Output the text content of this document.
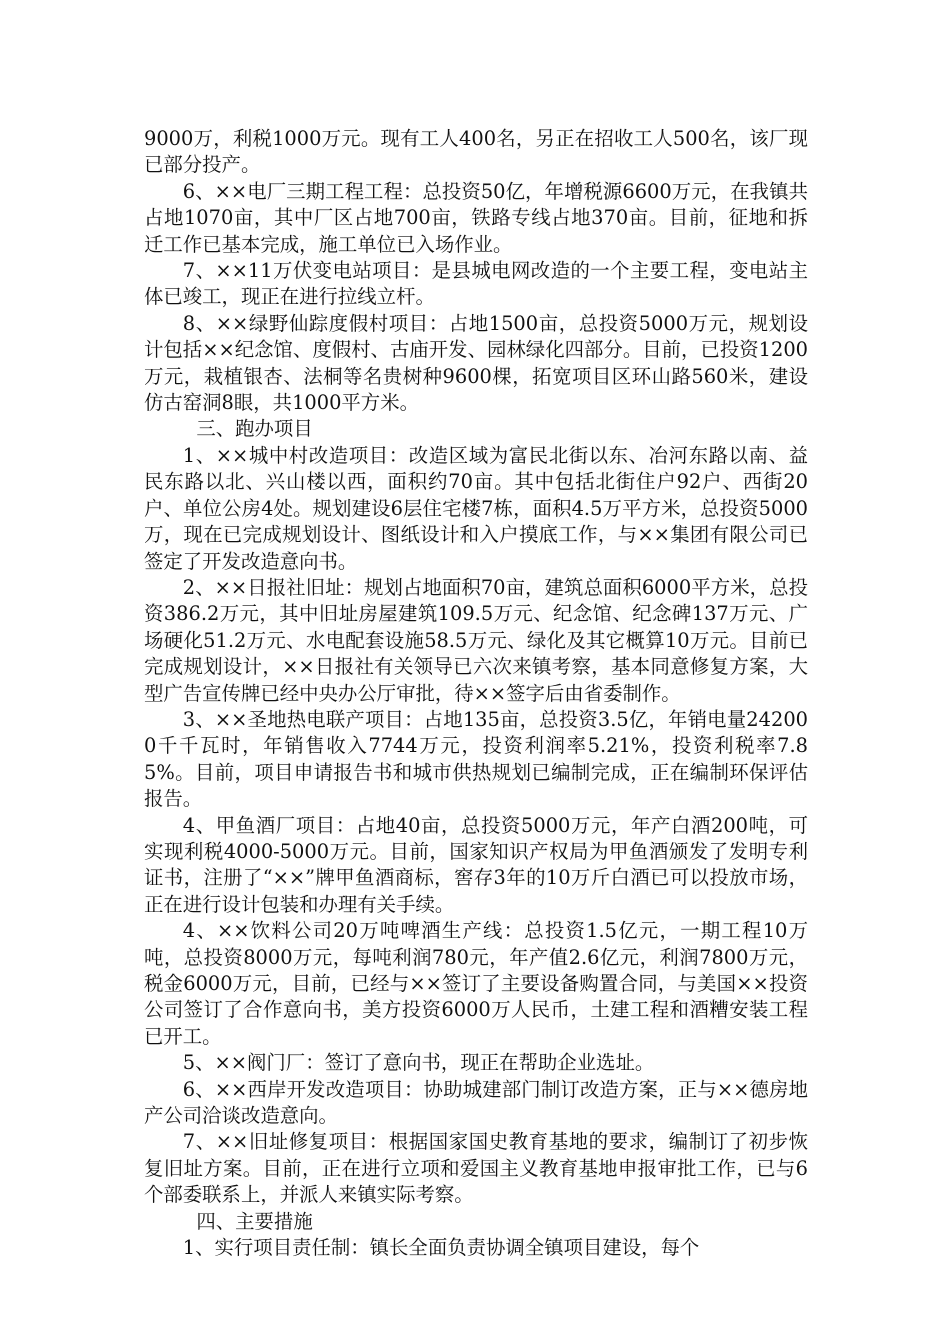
9000万，利税1000万元。现有工人400名，另正在招收工人500名，该厂现已部分投产。

6、××电厂三期工程工程：总投资50亿，年增税源6600万元，在我镇共占地1070亩，其中厂区占地700亩，铁路专线占地370亩。目前，征地和拆迁工作已基本完成，施工单位已入场作业。

7、××11万伏变电站项目：是县城电网改造的一个主要工程，变电站主体已竣工，现正在进行拉线立杆。

8、××绿野仙踪度假村项目：占地1500亩，总投资5000万元，规划设计包括××纪念馆、度假村、古庙开发、园林绿化四部分。目前，已投资1200万元，栽植银杏、法桐等名贵树种9600棵，拓宽项目区环山路560米，建设仿古窑洞8眼，共1000平方米。

三、跑办项目

1、××城中村改造项目：改造区域为富民北街以东、冶河东路以南、益民东路以北、兴山楼以西，面积约70亩。其中包括北街住户92户、西街20户、单位公房4处。规划建设6层住宅楼7栋，面积4.5万平方米，总投资5000万，现在已完成规划设计、图纸设计和入户摸底工作，与××集团有限公司已签定了开发改造意向书。

2、××日报社旧址：规划占地面积70亩，建筑总面积6000平方米，总投资386.2万元，其中旧址房屋建筑109.5万元、纪念馆、纪念碑137万元、广场硬化51.2万元、水电配套设施58.5万元、绿化及其它概算10万元。目前已完成规划设计，××日报社有关领导已六次来镇考察，基本同意修复方案，大型广告宣传牌已经中央办公厅审批，待××签字后由省委制作。

3、××圣地热电联产项目：占地135亩，总投资3.5亿，年销电量242000千千瓦时，年销售收入7744万元，投资利润率5.21%，投资利税率7.85%。目前，项目申请报告书和城市供热规划已编制完成，正在编制环保评估报告。

4、甲鱼酒厂项目：占地40亩，总投资5000万元，年产白酒200吨，可实现利税4000-5000万元。目前，国家知识产权局为甲鱼酒颁发了发明专利证书，注册了“××”牌甲鱼酒商标，窖存3年的10万斤白酒已可以投放市场，正在进行设计包装和办理有关手续。

4、××饮料公司20万吨啤酒生产线：总投资1.5亿元，一期工程10万吨，总投资8000万元，每吨利润780元，年产值2.6亿元，利润7800万元，税金6000万元，目前，已经与××签订了主要设备购置合同，与美国××投资公司签订了合作意向书，美方投资6000万人民币，土建工程和酒糟安装工程已开工。

5、××阀门厂：签订了意向书，现正在帮助企业选址。

6、××西岸开发改造项目：协助城建部门制订改造方案，正与××德房地产公司洽谈改造意向。

7、××旧址修复项目：根据国家国史教育基地的要求，编制订了初步恢复旧址方案。目前，正在进行立项和爱国主义教育基地申报审批工作，已与6个部委联系上，并派人来镇实际考察。

四、主要措施

1、实行项目责任制：镇长全面负责协调全镇项目建设，每个
